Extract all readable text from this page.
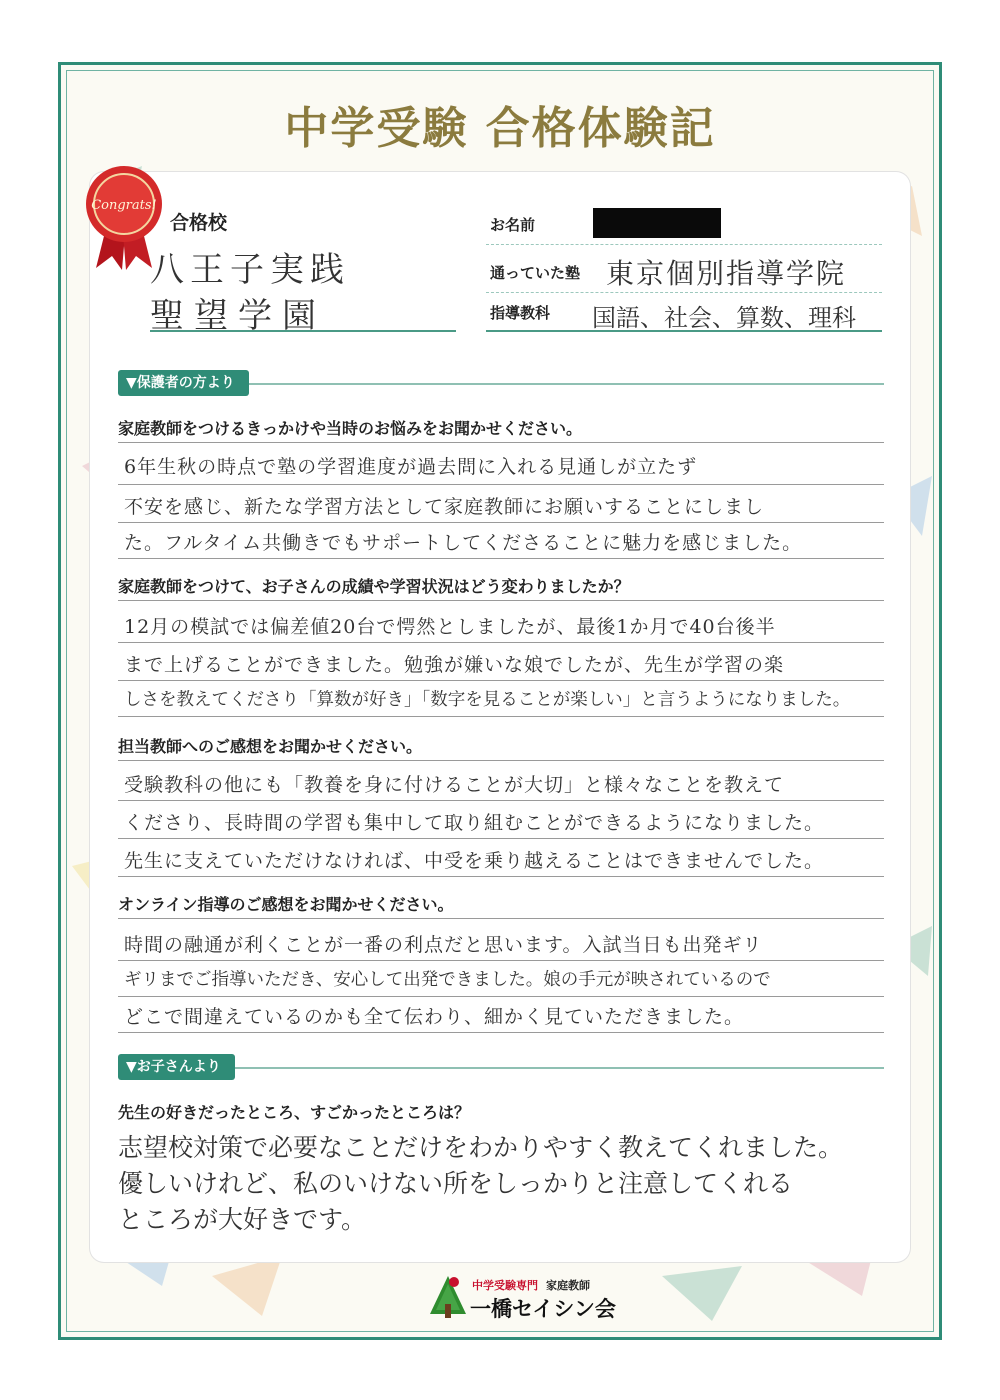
中学受験 合格体験記
Congrats!
合格校
八王子実践
聖望学園
お名前
通っていた塾 東京個別指導学院
指導教科 国語、社会、算数、理科
▼保護者の方より
家庭教師をつけるきっかけや当時のお悩みをお聞かせください。
6年生秋の時点で塾の学習進度が過去問に入れる見通しが立たず
不安を感じ、新たな学習方法として家庭教師にお願いすることにしまし
た。フルタイム共働きでもサポートしてくださることに魅力を感じました。
家庭教師をつけて、お子さんの成績や学習状況はどう変わりましたか？
12月の模試では偏差値20台で愕然としましたが、最後1か月で40台後半
まで上げることができました。勉強が嫌いな娘でしたが、先生が学習の楽
しさを教えてくださり「算数が好き」「数字を見ることが楽しい」と言うようになりました。
担当教師へのご感想をお聞かせください。
受験教科の他にも「教養を身に付けることが大切」と様々なことを教えて
くださり、長時間の学習も集中して取り組むことができるようになりました。
先生に支えていただけなければ、中受を乗り越えることはできませんでした。
オンライン指導のご感想をお聞かせください。
時間の融通が利くことが一番の利点だと思います。入試当日も出発ギリ
ギリまでご指導いただき、安心して出発できました。娘の手元が映されているので
どこで間違えているのかも全て伝わり、細かく見ていただきました。
▼お子さんより
先生の好きだったところ、すごかったところは？
志望校対策で必要なことだけをわかりやすく教えてくれました。
優しいけれど、私のいけない所をしっかりと注意してくれる
ところが大好きです。
中学受験専門 家庭教師
一橋セイシン会
